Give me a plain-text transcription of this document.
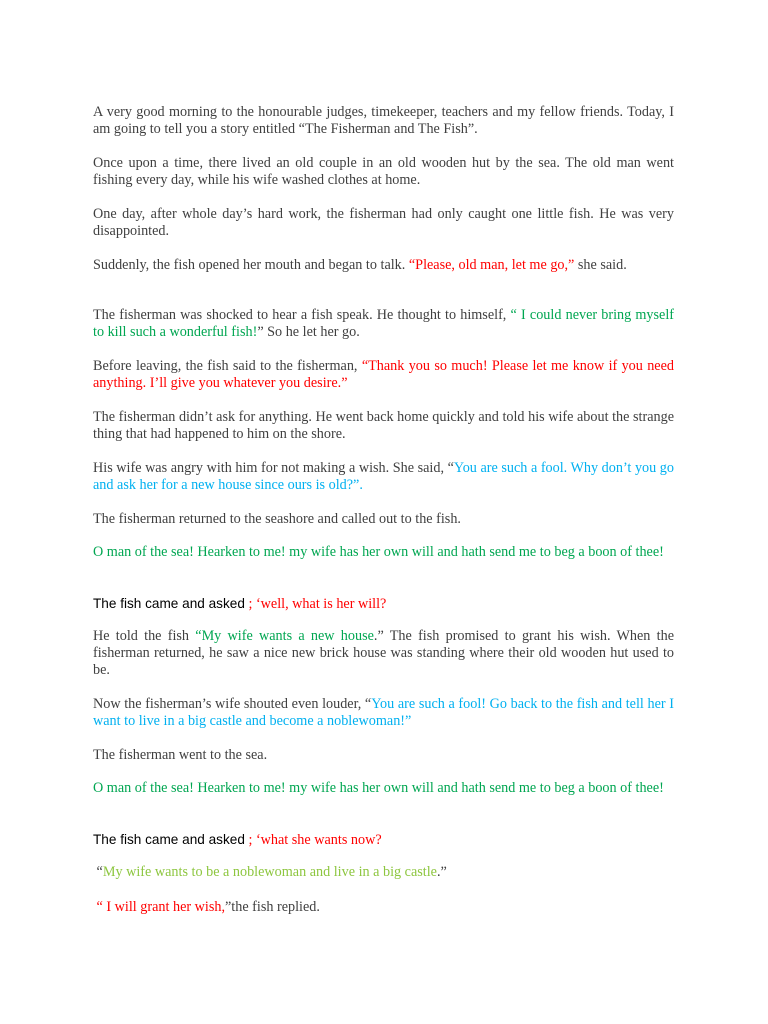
A very good morning to the honourable judges, timekeeper, teachers and my fellow friends. Today, I am going to tell you a story entitled “The Fisherman and The Fish”.

Once upon a time, there lived an old couple in an old wooden hut by the sea. The old man went fishing every day, while his wife washed clothes at home.

One day, after whole day’s hard work, the fisherman had only caught one little fish. He was very disappointed.

Suddenly, the fish opened her mouth and began to talk. “Please, old man, let me go,” she said.

The fisherman was shocked to hear a fish speak. He thought to himself, “ I could never bring myself to kill such a wonderful fish!” So he let her go.

Before leaving, the fish said to the fisherman, “Thank you so much! Please let me know if you need anything. I’ll give you whatever you desire.”

The fisherman didn’t ask for anything. He went back home quickly and told his wife about the strange thing that had happened to him on the shore.

His wife was angry with him for not making a wish. She said, “You are such a fool. Why don’t you go and ask her for a new house since ours is old?”.

The fisherman returned to the seashore and called out to the fish.

O man of the sea! Hearken to me! my wife has her own will and hath send me to beg a boon of thee!

The fish came and asked ; ‘well, what is her will?

He told the fish “My wife wants a new house.” The fish promised to grant his wish. When the fisherman returned, he saw a nice new brick house was standing where their old wooden hut used to be.

Now the fisherman’s wife shouted even louder, “You are such a fool! Go back to the fish and tell her I want to live in a big castle and become a noblewoman!”

The fisherman went to the sea.

O man of the sea! Hearken to me! my wife has her own will and hath send me to beg a boon of thee!

The fish came and asked ; ‘what she wants now?

“My wife wants to be a noblewoman and live in a big castle.”

“ I will grant her wish,”the fish replied.
